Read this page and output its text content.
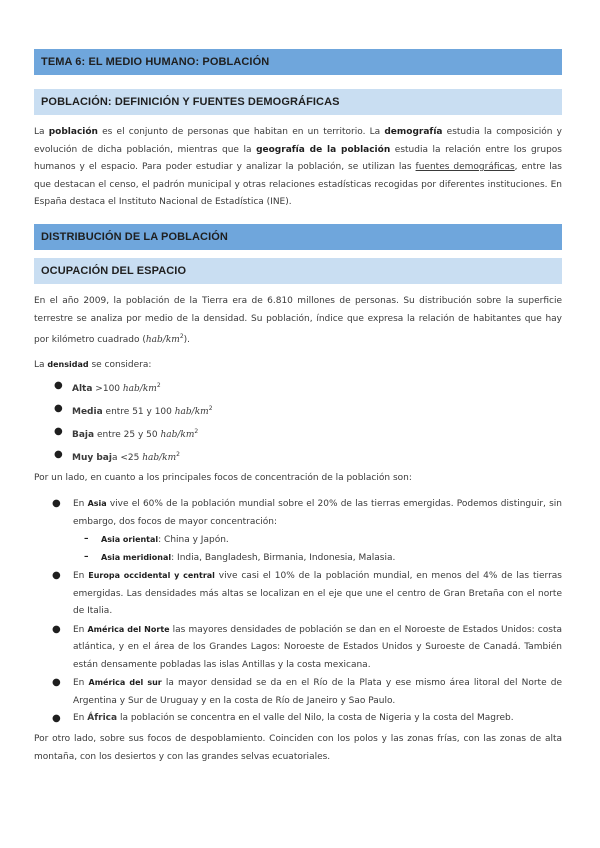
TEMA 6: EL MEDIO HUMANO: POBLACIÓN
POBLACIÓN: DEFINICIÓN Y FUENTES DEMOGRÁFICAS

La población es el conjunto de personas que habitan en un territorio. La demografía estudia la composición y evolución de dicha población, mientras que la geografía de la población estudia la relación entre los grupos humanos y el espacio. Para poder estudiar y analizar la población, se utilizan las fuentes demográficas, entre las que destacan el censo, el padrón municipal y otras relaciones estadísticas recogidas por diferentes instituciones. En España destaca el Instituto Nacional de Estadística (INE).

DISTRIBUCIÓN DE LA POBLACIÓN
OCUPACIÓN DEL ESPACIO

En el año 2009, la población de la Tierra era de 6.810 millones de personas. Su distribución sobre la superficie terrestre se analiza por medio de la densidad. Su población, índice que expresa la relación de habitantes que hay por kilómetro cuadrado $(hab/km^2)$.

La densidad se considera:

● Alta >100 hab/$km^2$
● Media entre 51 y 100 hab/$km^2$
● Baja entre 25 y 50 hab/$km^2$
● Muy baja <25 hab/$km^2$

Por un lado, en cuanto a los principales focos de concentración de la población son:

● En Asia vive el 60% de la población mundial sobre el 20% de las tierras emergidas. Podemos distinguir, sin embargo, dos focos de mayor concentración:
– Asia oriental: China y Japón.
– Asia meridional: India, Bangladesh, Birmania, Indonesia, Malasia.
● En Europa occidental y central vive casi el 10% de la población mundial, en menos del 4% de las tierras emergidas. Las densidades más altas se localizan en el eje que une el centro de Gran Bretaña con el norte de Italia.
● En América del Norte las mayores densidades de población se dan en el Noroeste de Estados Unidos: costa atlántica, y en el área de los Grandes Lagos: Noroeste de Estados Unidos y Suroeste de Canadá. También están densamente pobladas las islas Antillas y la costa mexicana.
● En América del sur la mayor densidad se da en el Río de la Plata y ese mismo área litoral del Norte de Argentina y Sur de Uruguay y en la costa de Río de Janeiro y Sao Paulo.
● En África la población se concentra en el valle del Nilo, la costa de Nigeria y la costa del Magreb.

Por otro lado, sobre sus focos de despoblamiento. Coinciden con los polos y las zonas frías, con las zonas de alta montaña, con los desiertos y con las grandes selvas ecuatoriales.
